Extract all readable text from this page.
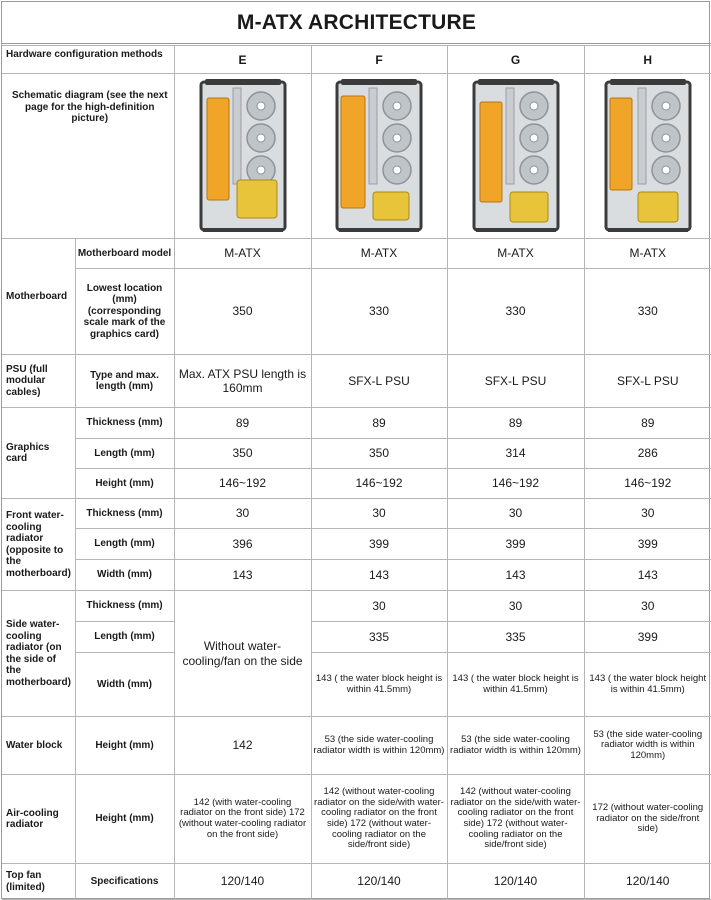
M-ATX ARCHITECTURE
Hardware configuration methods		E	F	G	H
Schematic diagram (see the next page for the high-definition picture)	

Motherboard	Motherboard model	M-ATX	M-ATX	M-ATX	M-ATX
	Lowest location (mm) (corresponding scale mark of the graphics card)	350	330	330	330
PSU (full modular cables)	Type and max. length (mm)	Max. ATX PSU length is 160mm	SFX-L PSU	SFX-L PSU	SFX-L PSU
Graphics card	Thickness (mm)	89	89	89	89
	Length (mm)	350	350	314	286
	Height (mm)	146~192	146~192	146~192	146~192
Front water-cooling radiator (opposite to the motherboard)	Thickness (mm)	30	30	30	30
	Length (mm)	396	399	399	399
	Width (mm)	143	143	143	143
Side water-cooling radiator (on the side of the motherboard)	Thickness (mm)	Without water-cooling/fan on the side	30	30	30
	Length (mm)		335	335	399
	Width (mm)		143 ( the water block height is within 41.5mm)	143 ( the water block height is within 41.5mm)	143 ( the water block height is within 41.5mm)
Water block	Height (mm)	142	53 (the side water-cooling radiator width is within 120mm)	53 (the side water-cooling radiator width is within 120mm)	53 (the side water-cooling radiator width is within 120mm)
Air-cooling radiator	Height (mm)	142 (with water-cooling radiator on the front side) 172 (without water-cooling radiator on the front side)	142 (without water-cooling radiator on the side/with water-cooling radiator on the front side) 172 (without water-cooling radiator on the side/front side)	142 (without water-cooling radiator on the side/with water-cooling radiator on the front side) 172 (without water-cooling radiator on the side/front side)	172 (without water-cooling radiator on the side/front side)
Top fan (limited)	Specifications	120/140	120/140	120/140	120/140
